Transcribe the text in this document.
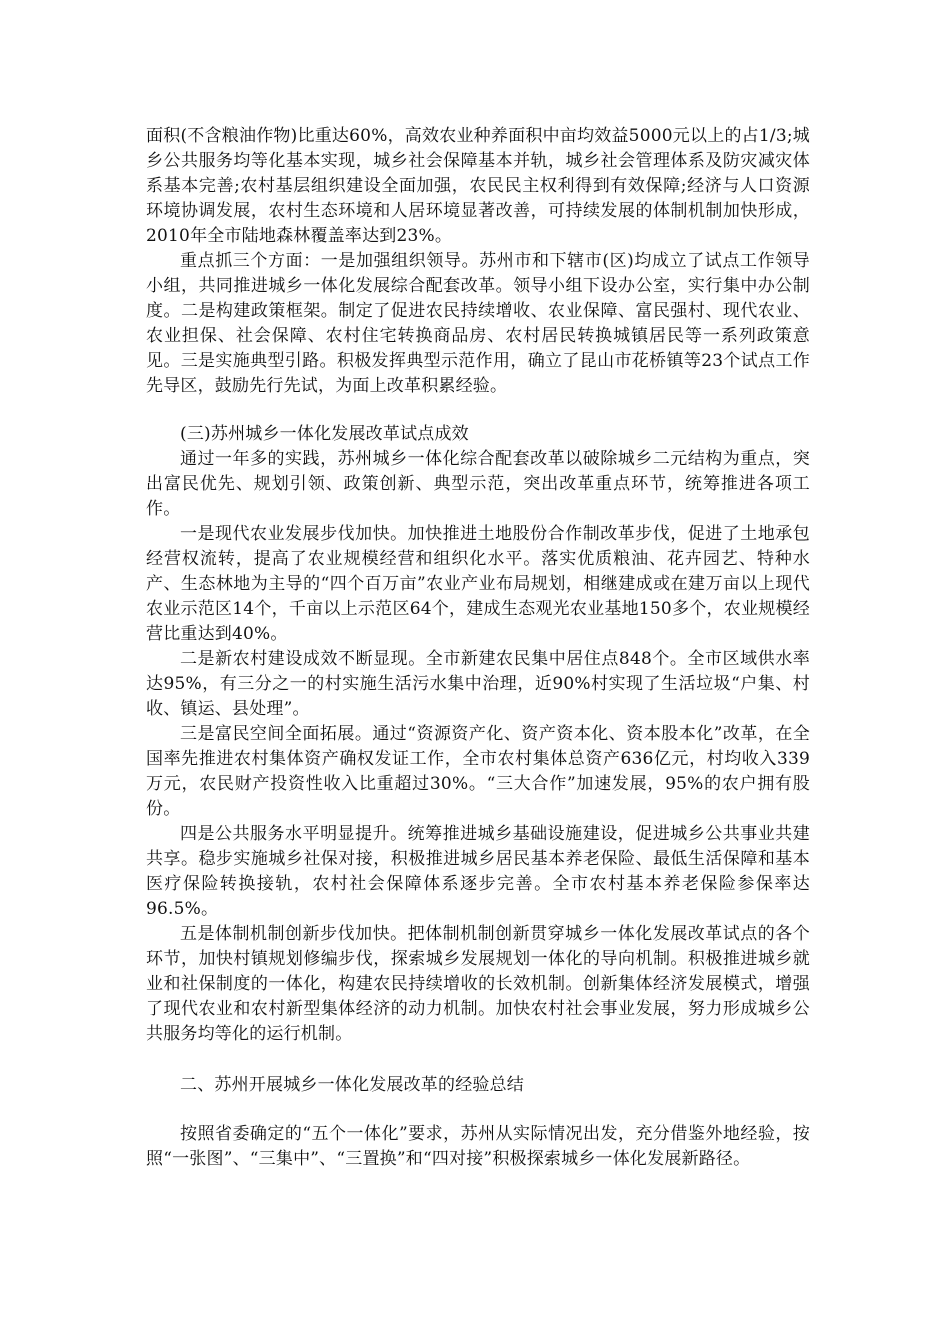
面积(不含粮油作物)比重达60%，高效农业种养面积中亩均效益5000元以上的占1/3;城乡公共服务均等化基本实现，城乡社会保障基本并轨，城乡社会管理体系及防灾减灾体系基本完善;农村基层组织建设全面加强，农民民主权利得到有效保障;经济与人口资源环境协调发展，农村生态环境和人居环境显著改善，可持续发展的体制机制加快形成，2010年全市陆地森林覆盖率达到23%。

重点抓三个方面：一是加强组织领导。苏州市和下辖市(区)均成立了试点工作领导小组，共同推进城乡一体化发展综合配套改革。领导小组下设办公室，实行集中办公制度。二是构建政策框架。制定了促进农民持续增收、农业保障、富民强村、现代农业、农业担保、社会保障、农村住宅转换商品房、农村居民转换城镇居民等一系列政策意见。三是实施典型引路。积极发挥典型示范作用，确立了昆山市花桥镇等23个试点工作先导区，鼓励先行先试，为面上改革积累经验。

(三)苏州城乡一体化发展改革试点成效

通过一年多的实践，苏州城乡一体化综合配套改革以破除城乡二元结构为重点，突出富民优先、规划引领、政策创新、典型示范，突出改革重点环节，统筹推进各项工作。

一是现代农业发展步伐加快。加快推进土地股份合作制改革步伐，促进了土地承包经营权流转，提高了农业规模经营和组织化水平。落实优质粮油、花卉园艺、特种水产、生态林地为主导的“四个百万亩”农业产业布局规划，相继建成或在建万亩以上现代农业示范区14个，千亩以上示范区64个，建成生态观光农业基地150多个，农业规模经营比重达到40%。

二是新农村建设成效不断显现。全市新建农民集中居住点848个。全市区域供水率达95%，有三分之一的村实施生活污水集中治理，近90%村实现了生活垃圾“户集、村收、镇运、县处理”。

三是富民空间全面拓展。通过“资源资产化、资产资本化、资本股本化”改革，在全国率先推进农村集体资产确权发证工作，全市农村集体总资产636亿元，村均收入339万元，农民财产投资性收入比重超过30%。“三大合作”加速发展，95%的农户拥有股份。

四是公共服务水平明显提升。统筹推进城乡基础设施建设，促进城乡公共事业共建共享。稳步实施城乡社保对接，积极推进城乡居民基本养老保险、最低生活保障和基本医疗保险转换接轨，农村社会保障体系逐步完善。全市农村基本养老保险参保率达96.5%。

五是体制机制创新步伐加快。把体制机制创新贯穿城乡一体化发展改革试点的各个环节，加快村镇规划修编步伐，探索城乡发展规划一体化的导向机制。积极推进城乡就业和社保制度的一体化，构建农民持续增收的长效机制。创新集体经济发展模式，增强了现代农业和农村新型集体经济的动力机制。加快农村社会事业发展，努力形成城乡公共服务均等化的运行机制。

二、苏州开展城乡一体化发展改革的经验总结

按照省委确定的“五个一体化”要求，苏州从实际情况出发，充分借鉴外地经验，按照“一张图”、“三集中”、“三置换”和“四对接”积极探索城乡一体化发展新路径。
